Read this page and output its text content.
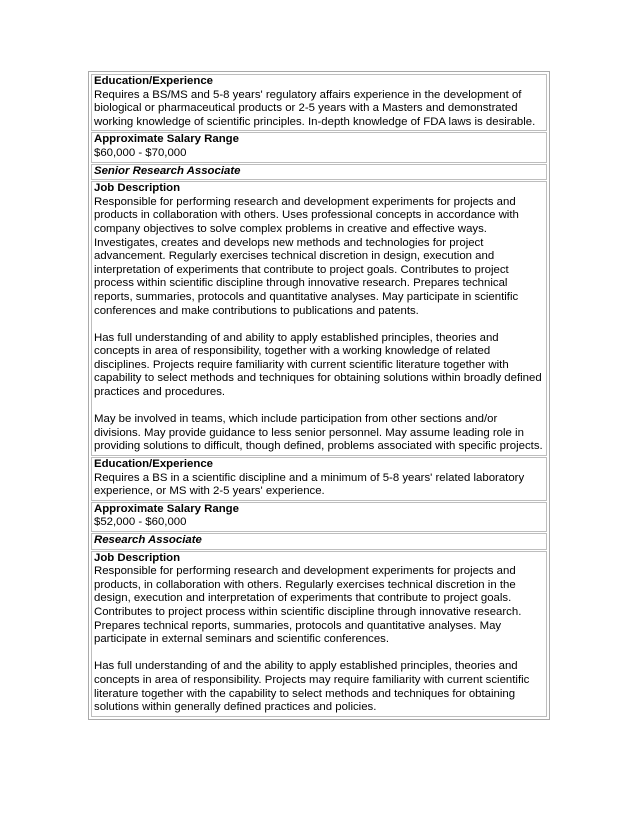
Education/Experience
Requires a BS/MS and 5-8 years' regulatory affairs experience in the development of biological or pharmaceutical products or 2-5 years with a Masters and demonstrated working knowledge of scientific principles. In-depth knowledge of FDA laws is desirable.
Approximate Salary Range
$60,000 - $70,000
Senior Research Associate
Job Description
Responsible for performing research and development experiments for projects and products in collaboration with others. Uses professional concepts in accordance with company objectives to solve complex problems in creative and effective ways. Investigates, creates and develops new methods and technologies for project advancement. Regularly exercises technical discretion in design, execution and interpretation of experiments that contribute to project goals. Contributes to project process within scientific discipline through innovative research. Prepares technical reports, summaries, protocols and quantitative analyses. May participate in scientific conferences and make contributions to publications and patents.
Has full understanding of and ability to apply established principles, theories and concepts in area of responsibility, together with a working knowledge of related disciplines. Projects require familiarity with current scientific literature together with capability to select methods and techniques for obtaining solutions within broadly defined practices and procedures.
May be involved in teams, which include participation from other sections and/or divisions. May provide guidance to less senior personnel. May assume leading role in providing solutions to difficult, though defined, problems associated with specific projects.
Education/Experience
Requires a BS in a scientific discipline and a minimum of 5-8 years' related laboratory experience, or MS with 2-5 years' experience.
Approximate Salary Range
$52,000 - $60,000
Research Associate
Job Description
Responsible for performing research and development experiments for projects and products, in collaboration with others. Regularly exercises technical discretion in the design, execution and interpretation of experiments that contribute to project goals. Contributes to project process within scientific discipline through innovative research. Prepares technical reports, summaries, protocols and quantitative analyses. May participate in external seminars and scientific conferences.
Has full understanding of and the ability to apply established principles, theories and concepts in area of responsibility. Projects may require familiarity with current scientific literature together with the capability to select methods and techniques for obtaining solutions within generally defined practices and policies.
